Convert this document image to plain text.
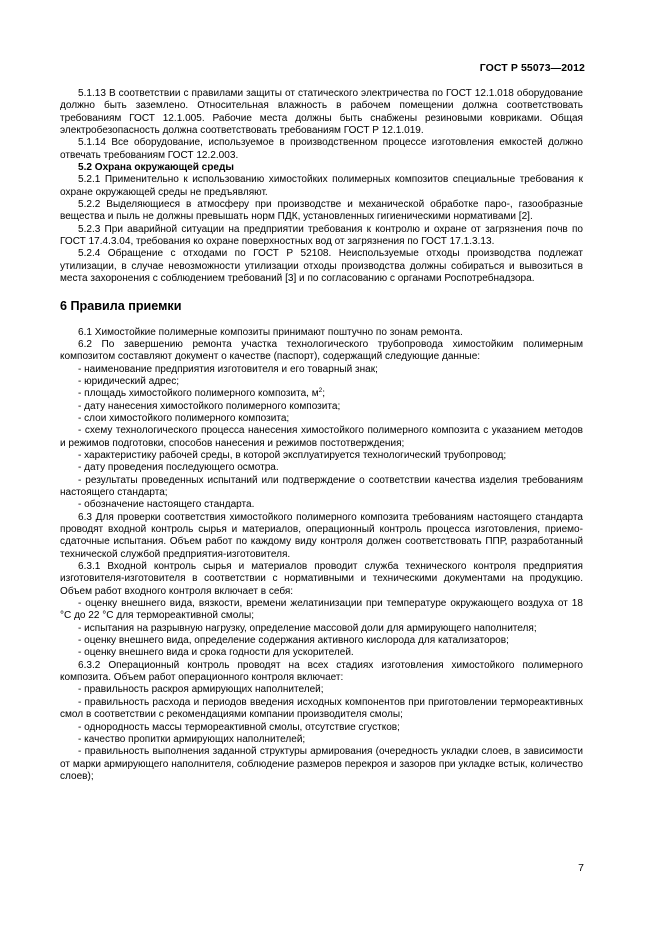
ГОСТ Р 55073—2012

5.1.13 В соответствии с правилами защиты от статического электричества по ГОСТ 12.1.018 оборудование должно быть заземлено. Относительная влажность в рабочем помещении должна соответствовать требованиям ГОСТ 12.1.005. Рабочие места должны быть снабжены резиновыми ковриками. Общая электробезопасность должна соответствовать требованиям ГОСТ Р 12.1.019.

5.1.14 Все оборудование, используемое в производственном процессе изготовления емкостей должно отвечать требованиям ГОСТ 12.2.003.

5.2 Охрана окружающей среды

5.2.1 Применительно к использованию химостойких полимерных композитов специальные требования к охране окружающей среды не предъявляют.

5.2.2 Выделяющиеся в атмосферу при производстве и механической обработке паро-, газообразные вещества и пыль не должны превышать норм ПДК, установленных гигиеническими нормативами [2].

5.2.3 При аварийной ситуации на предприятии требования к контролю и охране от загрязнения почв по ГОСТ 17.4.3.04, требования ко охране поверхностных вод от загрязнения по ГОСТ 17.1.3.13.

5.2.4 Обращение с отходами по ГОСТ Р 52108. Неиспользуемые отходы производства подлежат утилизации, в случае невозможности утилизации отходы производства должны собираться и вывозиться в места захоронения с соблюдением требований [3] и по согласованию с органами Роспотребнадзора.

6 Правила приемки

6.1 Химостойкие полимерные композиты принимают поштучно по зонам ремонта.

6.2 По завершению ремонта участка технологического трубопровода химостойким полимерным композитом составляют документ о качестве (паспорт), содержащий следующие данные:

- наименование предприятия изготовителя и его товарный знак;

- юридический адрес;

- площадь химостойкого полимерного композита, $м^2$;

- дату нанесения химостойкого полимерного композита;

- слои химостойкого полимерного композита;

- схему технологического процесса нанесения химостойкого полимерного композита с указанием методов и режимов подготовки, способов нанесения и режимов постотверждения;

- характеристику рабочей среды, в которой эксплуатируется технологический трубопровод;

- дату проведения последующего осмотра.

- результаты проведенных испытаний или подтверждение о соответствии качества изделия требованиям настоящего стандарта;

- обозначение настоящего стандарта.

6.3 Для проверки соответствия химостойкого полимерного композита требованиям настоящего стандарта проводят входной контроль сырья и материалов, операционный контроль процесса изготовления, приемо-сдаточные испытания. Объем работ по каждому виду контроля должен соответствовать ППР, разработанный технической службой предприятия-изготовителя.

6.3.1 Входной контроль сырья и материалов проводит служба технического контроля предприятия изготовителя-изготовителя в соответствии с нормативными и техническими документами на продукцию. Объем работ входного контроля включает в себя:

- оценку внешнего вида, вязкости, времени желатинизации при температуре окружающего воздуха от 18 °С до 22 °С для термореактивной смолы;

- испытания на разрывную нагрузку, определение массовой доли для армирующего наполнителя;

- оценку внешнего вида, определение содержания активного кислорода для катализаторов;

- оценку внешнего вида и срока годности для ускорителей.

6.3.2 Операционный контроль проводят на всех стадиях изготовления химостойкого полимерного композита. Объем работ операционного контроля включает:

- правильность раскроя армирующих наполнителей;

- правильность расхода и периодов введения исходных компонентов при приготовлении термореактивных смол в соответствии с рекомендациями компании производителя смолы;

- однородность массы термореактивной смолы, отсутствие сгустков;

- качество пропитки армирующих наполнителей;

- правильность выполнения заданной структуры армирования (очередность укладки слоев, в зависимости от марки армирующего наполнителя, соблюдение размеров перекроя и зазоров при укладке встык, количество слоев);

7
